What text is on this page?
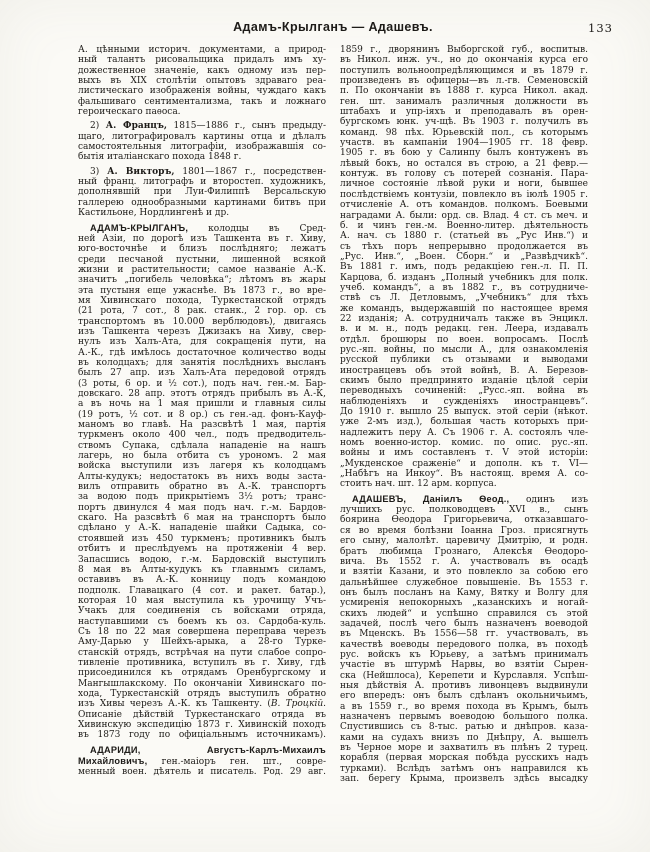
Адамъ-Крылганъ — Адашевъ.	133
А. цѣнными историч. документами, а природ-
ный талантъ рисовальщика придалъ имъ ху-
дожественное значеніе, какъ одному изъ пер-
выхъ въ XIX столѣтіи опытовъ здраваго реа-
листическаго изображенія войны, чуждаго какъ
фальшиваго сентиментализма, такъ и ложнаго
героическаго паѳоса.
2) А. Францъ, 1815—1886 г., сынъ предыду-
щаго, литографировалъ картины отца и дѣлалъ
самостоятельныя литографіи, изображавшія со-
бытія италіанскаго похода 1848 г.
3) А. Викторъ, 1801—1867 г., посредствен-
ный франц. литографъ и второстеп. художникъ,
дополнявшій при Луи-Филиппѣ Версальскую
галлерею однообразными картинами битвъ при
Кастильоне, Нордлингенѣ и др.
АДАМЪ-КРЫЛГАНЪ, колодцы въ Сред-
ней Азіи, по дорогѣ изъ Ташкента въ г. Хиву,
юго-восточнѣе и близъ послѣдняго; лежатъ
среди песчаной пустыни, лишенной всякой
жизни и растительности; самое названіе А.-К.
значитъ „погибель человѣка“; лѣтомъ въ жары
эта пустыня еще ужаснѣе. Въ 1873 г., во вре-
мя Хивинскаго похода, Туркестанской отрядъ
(21 рота, 7 сот., 8 рак. станк., 2 гор. ор. съ
транспортомъ въ 10.000 верблюдовъ), двигаясь
изъ Ташкента черезъ Джизакъ на Хиву, свер-
нулъ изъ Халъ-Ата, для сокращенія пути, на
А.-К., гдѣ имѣлось достаточное количество воды
въ колодцахъ; для занятія послѣднихъ высланъ
былъ 27 апр. изъ Халъ-Ата передовой отрядъ
(3 роты, 6 ор. и ½ сот.), подъ нач. ген.-м. Бар-
довскаго. 28 апр. этотъ отрядъ прибылъ въ А.-К,
а въ ночь на 1 мая пришли и главныя силы
(19 ротъ, ½ сот. и 8 ор.) съ ген.-ад. фонъ-Кауф-
маномъ во главѣ. На разсвѣтѣ 1 мая, партія
туркменъ около 400 чел., подъ предводитель-
ствомъ Супака, сдѣлала нападеніе на нашъ
лагерь, но была отбита съ урономъ. 2 мая
войска выступили изъ лагеря къ колодцамъ
Алты-кудукъ; недостатокъ въ нихъ воды заста-
вилъ отправить обратно въ А.-К. транспортъ
за водою подъ прикрытіемъ 3½ ротъ; транс-
портъ двинулся 4 мая подъ нач. г.-м. Бардов-
скаго. На разсвѣтѣ 6 мая на транспортъ было
сдѣлано у А.-К. нападеніе шайки Садыка, со-
стоявшей изъ 450 туркменъ; противникъ былъ
отбитъ и преслѣдуемъ на протяженіи 4 вер.
Запасшись водою, г.-м. Бардовскій выступилъ
8 мая въ Алты-кудукъ къ главнымъ силамъ,
оставивъ въ А.-К. конницу подъ командою
подполк. Главацкаго (4 сот. и ракет. батар.),
которая 10 мая выступила къ урочищу Учъ-
Учакъ для соединенія съ войсками отряда,
наступавшими съ боемъ къ оз. Сардоба-куль.
Съ 18 по 22 мая совершена переправа черезъ
Аму-Дарью у Шейхъ-арыка, а 28-го Турке-
станскій отрядъ, встрѣчая на пути слабое сопро-
тивленіе противника, вступилъ въ г. Хиву, гдѣ
присоединился къ отрядамъ Оренбургскому и
Мангышлакскому. По окончаніи Хивинскаго по-
хода, Туркестанскій отрядъ выступилъ обратно
изъ Хивы черезъ А.-К. къ Ташкенту. (В. Троцкій.
Описаніе дѣйствій Туркестанскаго отряда въ
Хивинскую экспедицію 1873 г. Хивинскій походъ
въ 1873 году по офиціальнымъ источникамъ).
АДАРИДИ, Августъ-Карлъ-Михаилъ
Михайловичъ, ген.-маіоръ ген. шт., совре-
менный воен. дѣятель и писатель. Род. 29 авг.
1859 г., дворянинъ Выборгской губ., воспитыв.
въ Никол. инж. уч., но до окончанія курса его
поступилъ вольноопредѣляющимся и въ 1879 г.
произведенъ въ офицеры—въ л.-гв. Семеновскій
п. По окончаніи въ 1888 г. курса Никол. акад.
ген. шт. занималъ различныя должности въ
штабахъ и упр-іяхъ и преподавалъ въ орен-
бургскомъ юнк. уч-щѣ. Въ 1903 г. получилъ въ
команд. 98 пѣх. Юрьевскій пол., съ которымъ
участв. въ кампаніи 1904—1905 гг. 18 февр.
1905 г. въ бою у Салинпу былъ контуженъ въ
лѣвый бокъ, но остался въ строю, а 21 февр.—
контуж. въ голову съ потерей сознанія. Пара-
личное состояніе лѣвой руки и ноги, бывшее
послѣдствіемъ контузіи, повлекло въ іюлѣ 1905 г.
отчисленіе А. отъ командов. полкомъ. Боевыми
наградами А. были: орд. св. Влад. 4 ст. съ меч. и
б. и чинъ ген.-м. Военно-литер. дѣятельность
А. нач. съ 1880 г. (статьей въ „Рус Инв.“) и
съ тѣхъ поръ непрерывно продолжается въ
„Рус. Инв.“, „Воен. Сборн.“ и „Развѣдчикѣ“.
Въ 1881 г. имъ, подъ редакціею ген.-л. П. П.
Карцова, б. изданъ „Полный учебникъ для полк.
учеб. командъ“, а въ 1882 г., въ сотрудниче-
ствѣ съ Л. Детловымъ, „Учебникъ“ для тѣхъ
же командъ, выдержавшій по настоящее время
22 изданія; А. сотрудничалъ также въ Энцикл.
в. и м. н., подъ редакц. ген. Леера, издавалъ
отдѣл. брошюры по воен. вопросамъ. Послѣ
рус.-яп. войны, по мысли А., для ознакомленія
русской публики съ отзывами и выводами
иностранцевъ объ этой войнѣ, В. А. Березов-
скимъ было предпринято изданіе цѣлой серіи
переводныхъ сочиненій: „Русс.-яп. война въ
наблюденіяхъ и сужденіяхъ иностранцевъ“.
До 1910 г. вышло 25 выпуск. этой серіи (нѣкот.
уже 2-мъ изд.), большая часть которыхъ при-
надлежитъ перу А. Съ 1906 г. А. состоялъ чле-
номъ военно-истор. комис. по опис. рус.-яп.
войны и имъ составленъ т. V этой исторіи:
„Мукденское сраженіе“ и дополн. къ т. VI—
„Набѣгъ на Инкоу“. Въ настоящ. время А. со-
стоитъ нач. шт. 12 арм. корпуса.
АДАШЕВЪ, Даніилъ Ѳеод., одинъ изъ
лучшихъ рус. полководцевъ XVI в., сынъ
боярина Ѳеодора Григорьевича, отказавшаго-
ся во время болѣзни Іоанна Гроз. присягнуть
его сыну, малолѣт. царевичу Дмитрію, и родн.
братъ любимца Грознаго, Алексѣя Ѳеодоро-
вича. Въ 1552 г. А. участвовалъ въ осадѣ
и взятіи Казани, и это повлекло за собою его
дальнѣйшее служебное повышеніе. Въ 1553 г.
онъ былъ посланъ на Каму, Вятку и Волгу для
усмиренія непокорныхъ „казанскихъ и ногай-
скихъ людей“ и успѣшно справился съ этой
задачей, послѣ чего былъ назначенъ воеводой
въ Мценскъ. Въ 1556—58 гг. участвовалъ, въ
качествѣ воеводы передового полка, въ походѣ
рус. войскъ къ Юрьеву, а затѣмъ принималъ
участіе въ штурмѣ Нарвы, во взятіи Сырен-
ска (Нейшлоса), Керепети и Курславля. Успѣш-
ныя дѣйствія А. противъ ливонцевъ выдвинули
его впередъ: онъ былъ сдѣланъ окольничьимъ,
а въ 1559 г., во время похода въ Крымъ, былъ
назначенъ первымъ воеводою большого полка.
Спустившись съ 8-тыс. ратью и днѣпров. каза-
ками на судахъ внизъ по Днѣпру, А. вышелъ
въ Черное море и захватилъ въ плѣнъ 2 турец.
корабля (первая морская побѣда русскихъ надъ
турками). Вслѣдъ затѣмъ онъ направился къ
зап. берегу Крыма, произвелъ здѣсь высадку
